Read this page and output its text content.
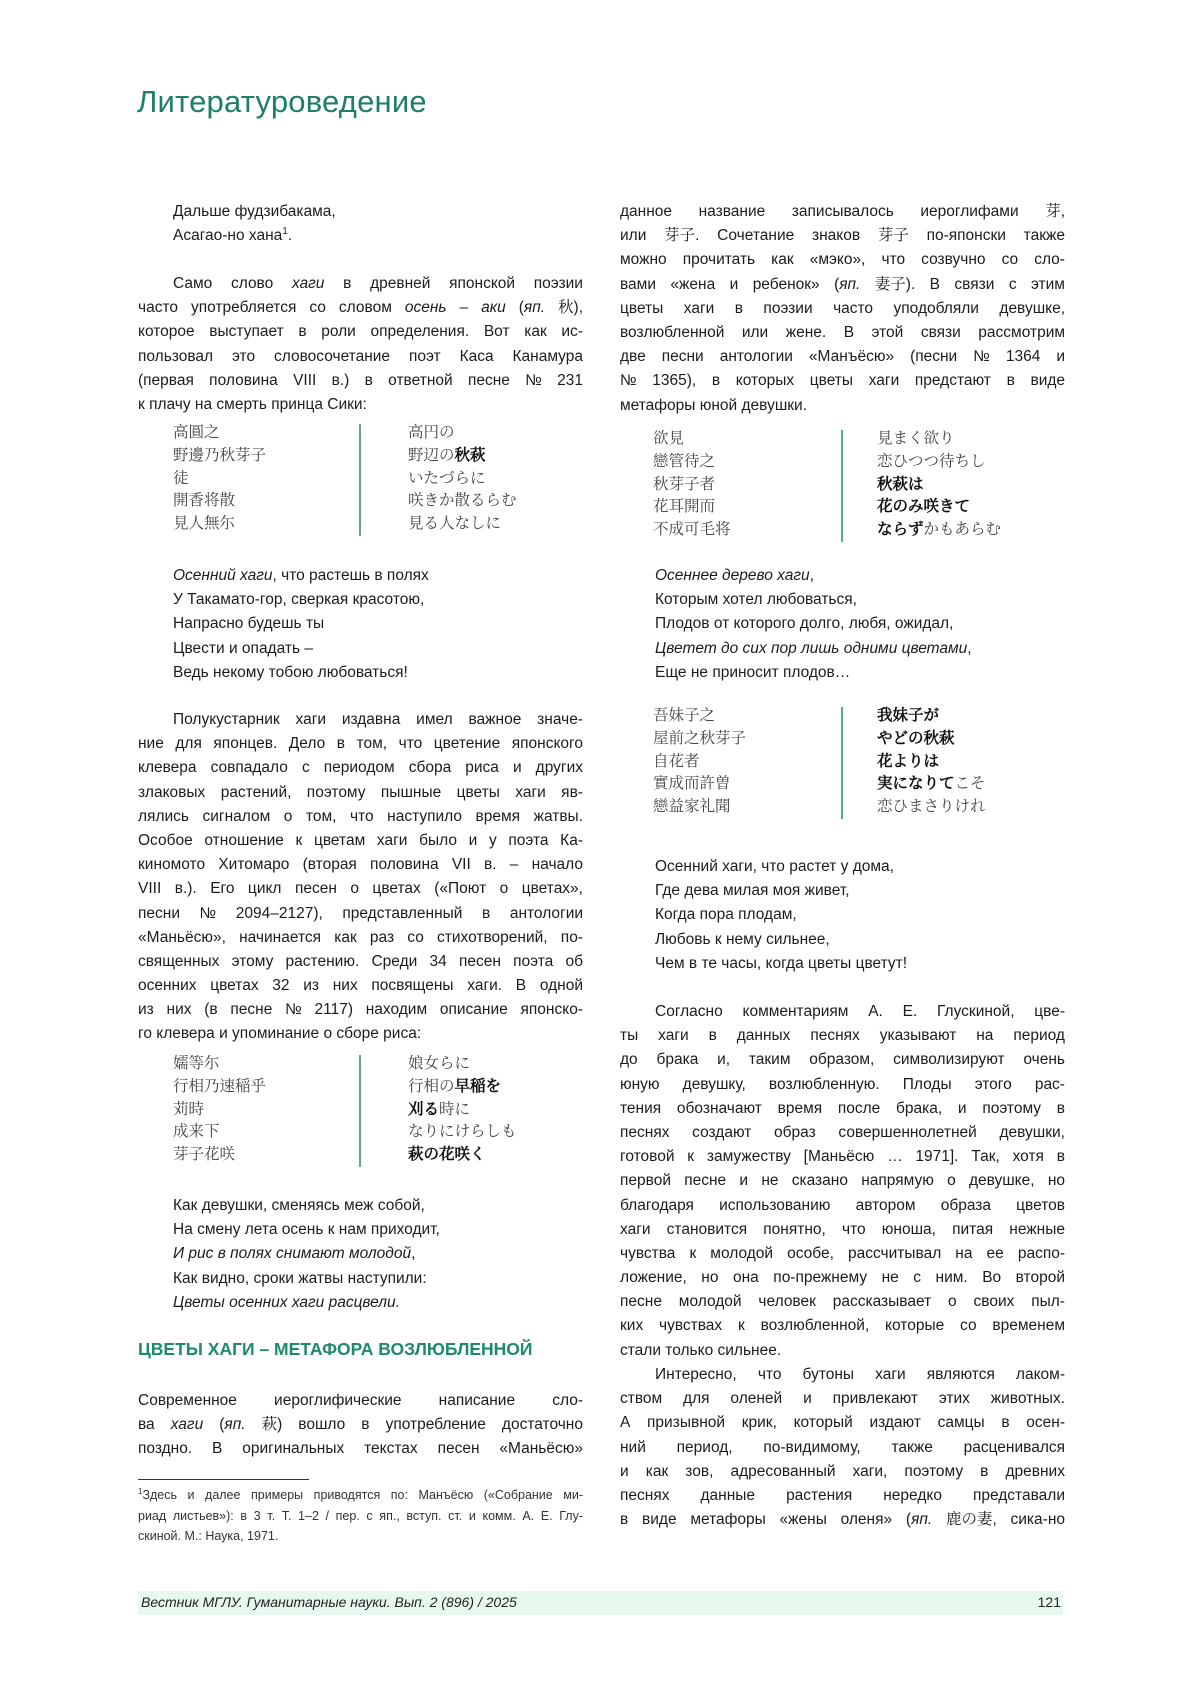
Литературоведение
Дальше фудзибакама,
Асагао-но хана1.
Само слово хаги в древней японской поэзии
часто употребляется со словом осень – аки (яп. 秋),
которое выступает в роли определения. Вот как ис-
пользовал это словосочетание поэт Каса Канамура
(первая половина VIII в.) в ответной песне № 231
к плачу на смерть принца Сики:
高圓之
野邊乃秋芽子
徒
開香将散
見人無尓
高円の
野辺の秋萩
いたづらに
咲きか散るらむ
見る人なしに
Осенний хаги, что растешь в полях
У Такамато-гор, сверкая красотою,
Напрасно будешь ты
Цвести и опадать –
Ведь некому тобою любоваться!
Полукустарник хаги издавна имел важное значе-
ние для японцев. Дело в том, что цветение японского
клевера совпадало с периодом сбора риса и других
злаковых растений, поэтому пышные цветы хаги яв-
лялись сигналом о том, что наступило время жатвы.
Особое отношение к цветам хаги было и у поэта Ка-
киномото Хитомаро (вторая половина VII в. – начало
VIII в.). Его цикл песен о цветах («Поют о цветах»,
песни № 2094–2127), представленный в антологии
«Маньёсю», начинается как раз со стихотворений, по-
священных этому растению. Среди 34 песен поэта об
осенних цветах 32 из них посвящены хаги. В одной
из них (в песне № 2117) находим описание японско-
го клевера и упоминание о сборе риса:
嬬等尓
行相乃速稲乎
苅時
成来下
芽子花咲
娘女らに
行相の早稲を
刈る時に
なりにけらしも
萩の花咲く
Как девушки, сменяясь меж собой,
На смену лета осень к нам приходит,
И рис в полях снимают молодой,
Как видно, сроки жатвы наступили:
Цветы осенних хаги расцвели.
ЦВЕТЫ ХАГИ – МЕТАФОРА ВОЗЛЮБЛЕННОЙ
Современное иероглифические написание сло-
ва хаги (яп. 萩) вошло в употребление достаточно
поздно. В оригинальных текстах песен «Маньёсю»
1Здесь и далее примеры приводятся по: Манъёсю («Собрание ми-
риад листьев»): в 3 т. Т. 1–2 / пер. с яп., вступ. ст. и комм. А. Е. Глу-
скиной. М.: Наука, 1971.
данное название записывалось иероглифами 芽,
или 芽子. Сочетание знаков 芽子 по-японски также
можно прочитать как «мэко», что созвучно со сло-
вами «жена и ребенок» (яп. 妻子). В связи с этим
цветы хаги в поэзии часто уподобляли девушке,
возлюбленной или жене. В этой связи рассмотрим
две песни антологии «Манъёсю» (песни № 1364 и
№ 1365), в которых цветы хаги предстают в виде
метафоры юной девушки.
欲見
戀管待之
秋芽子者
花耳開而
不成可毛将
見まく欲り
恋ひつつ待ちし
秋萩は
花のみ咲きて
ならずかもあらむ
Осеннее дерево хаги,
Которым хотел любоваться,
Плодов от которого долго, любя, ожидал,
Цветет до сих пор лишь одними цветами,
Еще не приносит плодов…
吾妹子之
屋前之秋芽子
自花者
實成而許曽
戀益家礼聞
我妹子が
やどの秋萩
花よりは
実になりてこそ
恋ひまさりけれ
Осенний хаги, что растет у дома,
Где дева милая моя живет,
Когда пора плодам,
Любовь к нему сильнее,
Чем в те часы, когда цветы цветут!
Согласно комментариям А. Е. Глускиной, цве-
ты хаги в данных песнях указывают на период
до брака и, таким образом, символизируют очень
юную девушку, возлюбленную. Плоды этого рас-
тения обозначают время после брака, и поэтому в
песнях создают образ совершеннолетней девушки,
готовой к замужеству [Маньёсю … 1971]. Так, хотя в
первой песне и не сказано напрямую о девушке, но
благодаря использованию автором образа цветов
хаги становится понятно, что юноша, питая нежные
чувства к молодой особе, рассчитывал на ее распо-
ложение, но она по-прежнему не с ним. Во второй
песне молодой человек рассказывает о своих пыл-
ких чувствах к возлюбленной, которые со временем
стали только сильнее.
Интересно, что бутоны хаги являются лаком-
ством для оленей и привлекают этих животных.
А призывной крик, который издают самцы в осен-
ний период, по-видимому, также расценивался
и как зов, адресованный хаги, поэтому в древних
песнях данные растения нередко представали
в виде метафоры «жены оленя» (яп. 鹿の妻, сика-но
Вестник МГЛУ. Гуманитарные науки. Вып. 2 (896) / 2025	121
